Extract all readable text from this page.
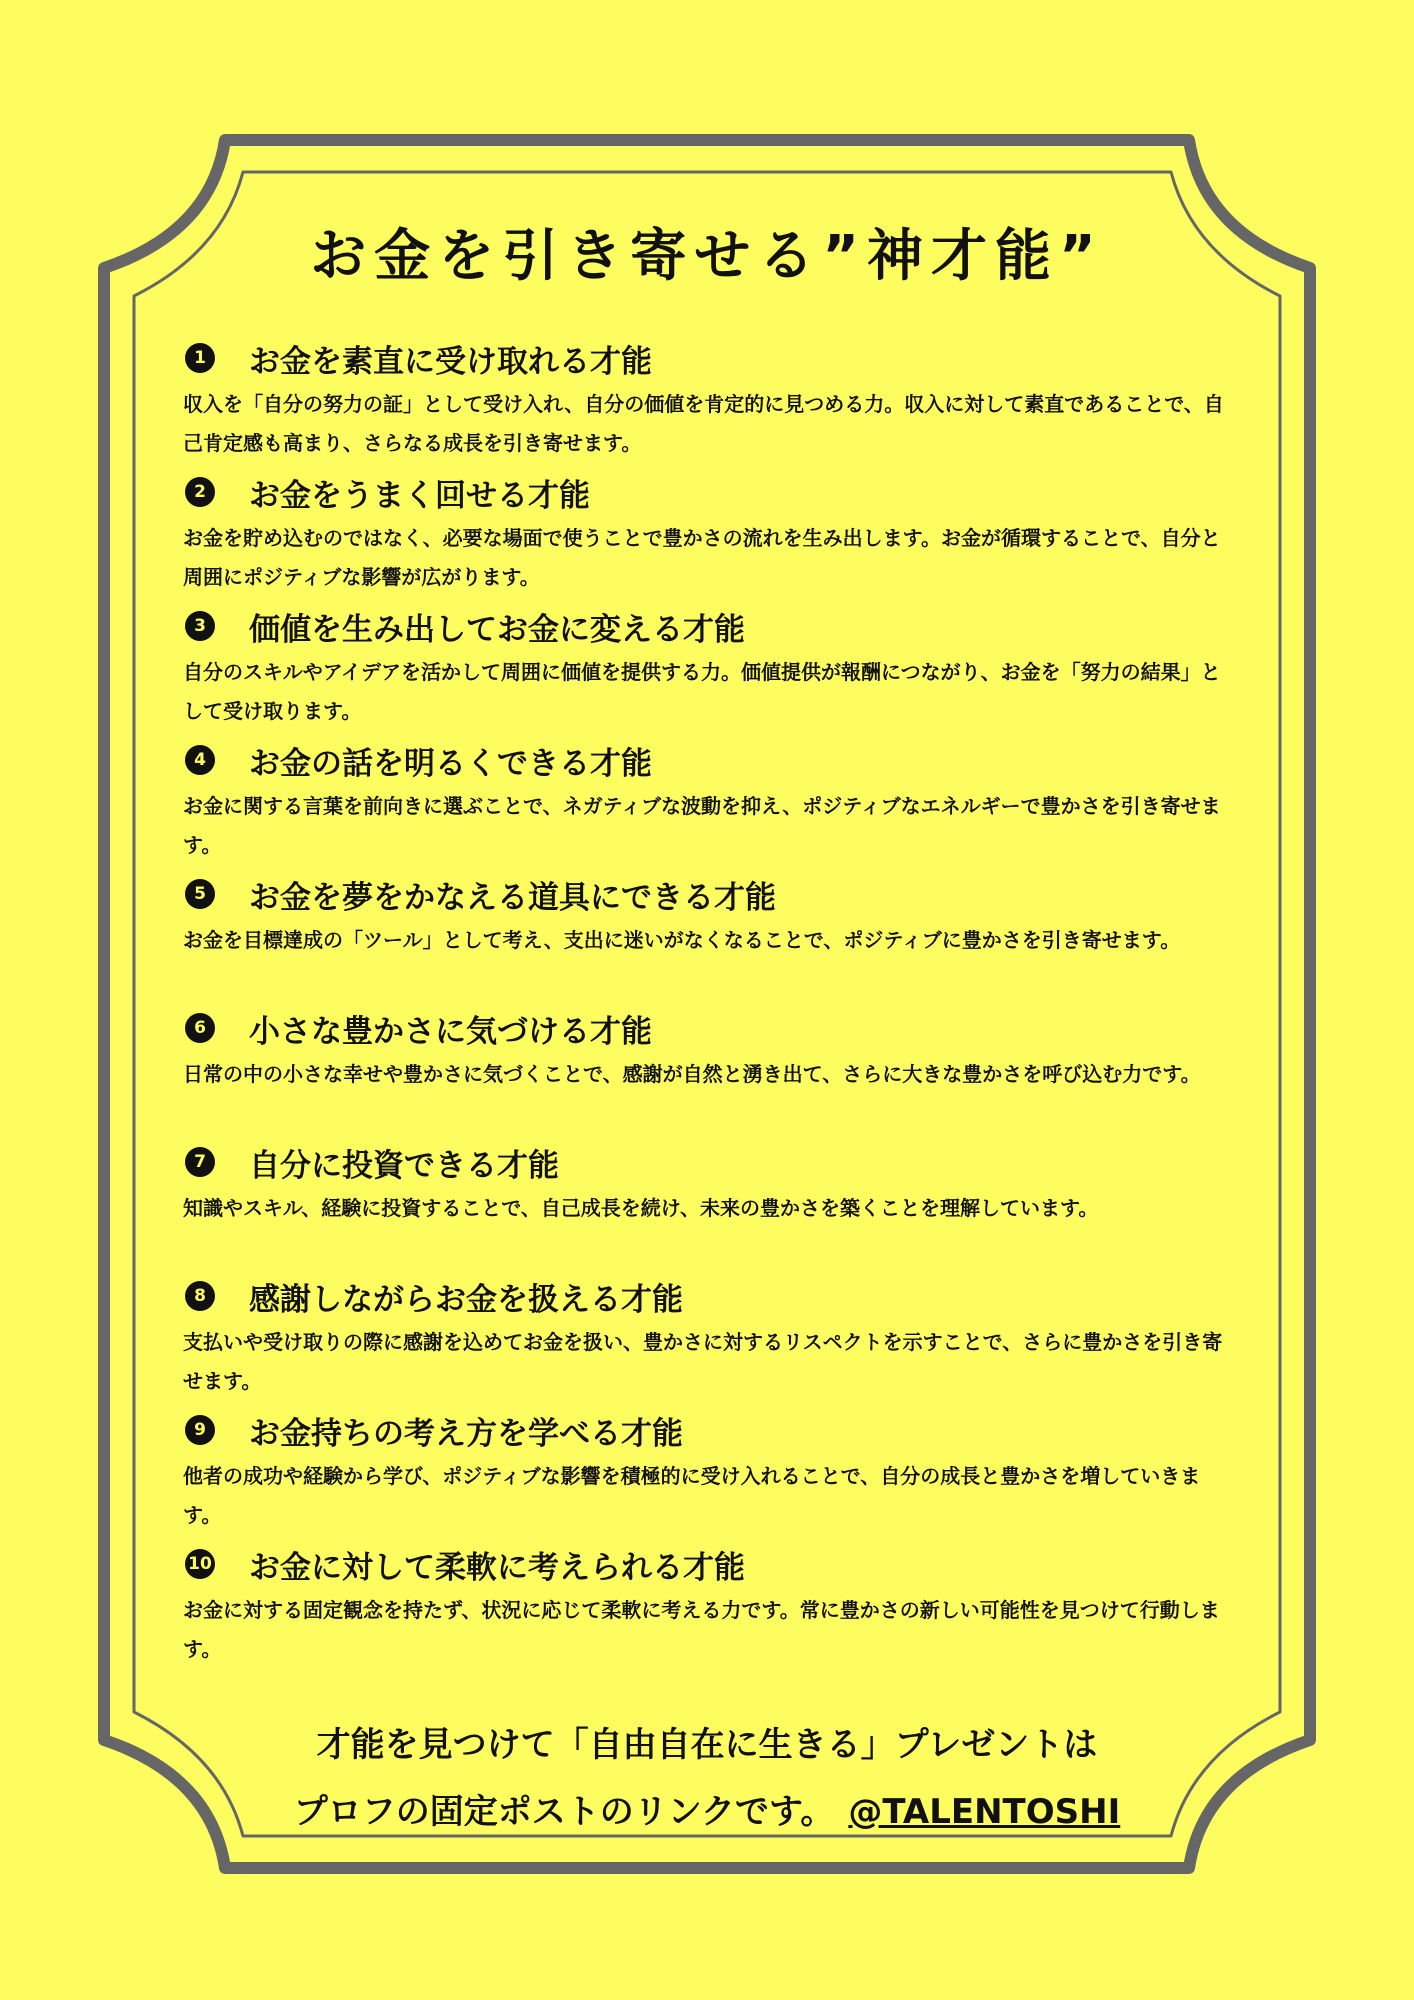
お金を引き寄せる”神才能”
1 お金を素直に受け取れる才能

収入を「自分の努力の証」として受け入れ、自分の価値を肯定的に見つめる力。収入に対して素直であることで、自己肯定感も高まり、さらなる成長を引き寄せます。

2 お金をうまく回せる才能

お金を貯め込むのではなく、必要な場面で使うことで豊かさの流れを生み出します。お金が循環することで、自分と周囲にポジティブな影響が広がります。

3 価値を生み出してお金に変える才能

自分のスキルやアイデアを活かして周囲に価値を提供する力。価値提供が報酬につながり、お金を「努力の結果」として受け取ります。

4 お金の話を明るくできる才能

お金に関する言葉を前向きに選ぶことで、ネガティブな波動を抑え、ポジティブなエネルギーで豊かさを引き寄せます。

5 お金を夢をかなえる道具にできる才能

お金を目標達成の「ツール」として考え、支出に迷いがなくなることで、ポジティブに豊かさを引き寄せます。

6 小さな豊かさに気づける才能

日常の中の小さな幸せや豊かさに気づくことで、感謝が自然と湧き出て、さらに大きな豊かさを呼び込む力です。

7 自分に投資できる才能

知識やスキル、経験に投資することで、自己成長を続け、未来の豊かさを築くことを理解しています。

8 感謝しながらお金を扱える才能

支払いや受け取りの際に感謝を込めてお金を扱い、豊かさに対するリスペクトを示すことで、さらに豊かさを引き寄せます。

9 お金持ちの考え方を学べる才能

他者の成功や経験から学び、ポジティブな影響を積極的に受け入れることで、自分の成長と豊かさを増していきます。

10 お金に対して柔軟に考えられる才能

お金に対する固定観念を持たず、状況に応じて柔軟に考える力です。常に豊かさの新しい可能性を見つけて行動します。

才能を見つけて「自由自在に生きる」プレゼントは

プロフの固定ポストのリンクです。 @TALENTOSHI
